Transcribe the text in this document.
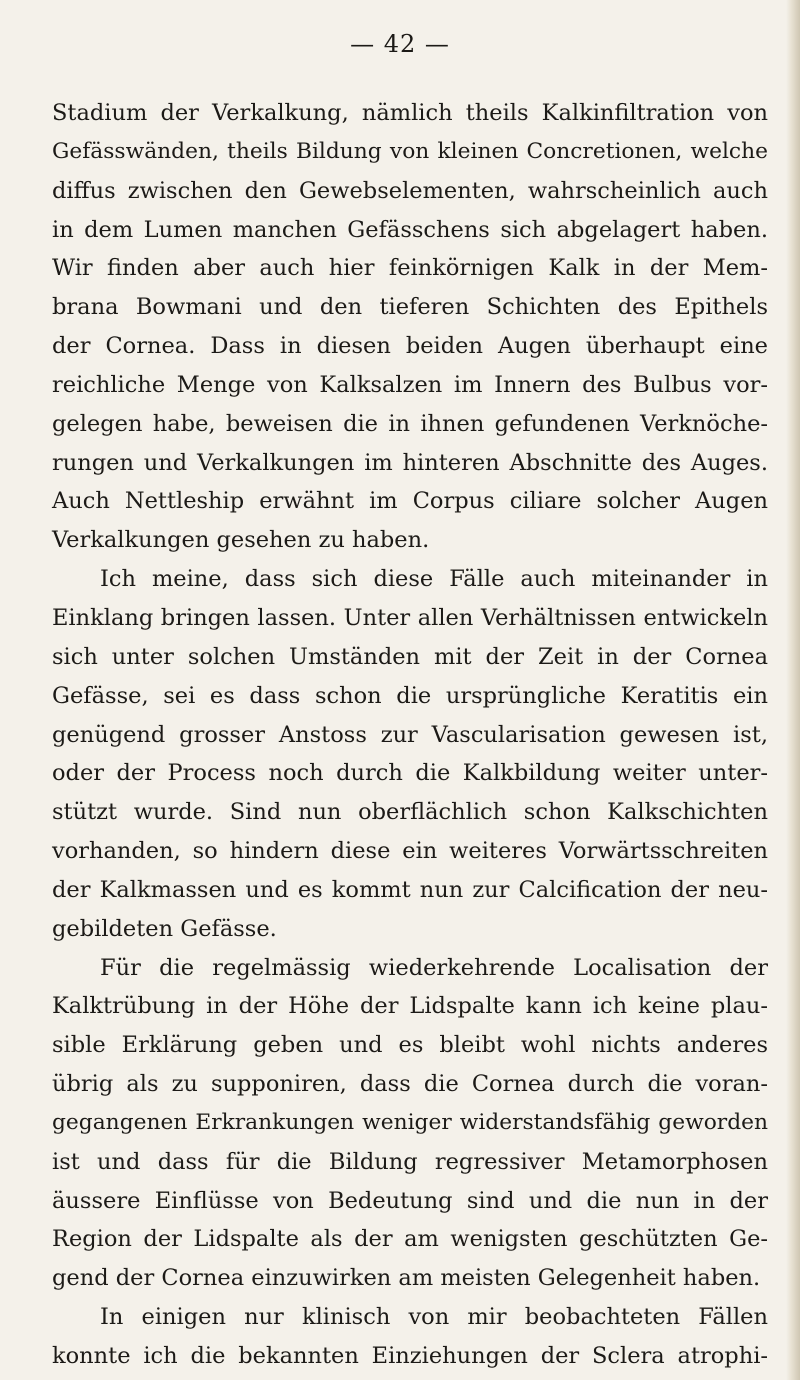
— 42 —
Stadium der Verkalkung, nämlich theils Kalkinfiltration von
Gefässwänden, theils Bildung von kleinen Concretionen, welche
diffus zwischen den Gewebselementen, wahrscheinlich auch
in dem Lumen manchen Gefässchens sich abgelagert haben.
Wir finden aber auch hier feinkörnigen Kalk in der Mem-
brana Bowmani und den tieferen Schichten des Epithels
der Cornea. Dass in diesen beiden Augen überhaupt eine
reichliche Menge von Kalksalzen im Innern des Bulbus vor-
gelegen habe, beweisen die in ihnen gefundenen Verknöche-
rungen und Verkalkungen im hinteren Abschnitte des Auges.
Auch Nettleship erwähnt im Corpus ciliare solcher Augen
Verkalkungen gesehen zu haben.
Ich meine, dass sich diese Fälle auch miteinander in
Einklang bringen lassen. Unter allen Verhältnissen entwickeln
sich unter solchen Umständen mit der Zeit in der Cornea
Gefässe, sei es dass schon die ursprüngliche Keratitis ein
genügend grosser Anstoss zur Vascularisation gewesen ist,
oder der Process noch durch die Kalkbildung weiter unter-
stützt wurde. Sind nun oberflächlich schon Kalkschichten
vorhanden, so hindern diese ein weiteres Vorwärtsschreiten
der Kalkmassen und es kommt nun zur Calcification der neu-
gebildeten Gefässe.
Für die regelmässig wiederkehrende Localisation der
Kalktrübung in der Höhe der Lidspalte kann ich keine plau-
sible Erklärung geben und es bleibt wohl nichts anderes
übrig als zu supponiren, dass die Cornea durch die voran-
gegangenen Erkrankungen weniger widerstandsfähig geworden
ist und dass für die Bildung regressiver Metamorphosen
äussere Einflüsse von Bedeutung sind und die nun in der
Region der Lidspalte als der am wenigsten geschützten Ge-
gend der Cornea einzuwirken am meisten Gelegenheit haben.
In einigen nur klinisch von mir beobachteten Fällen
konnte ich die bekannten Einziehungen der Sclera atrophi-
